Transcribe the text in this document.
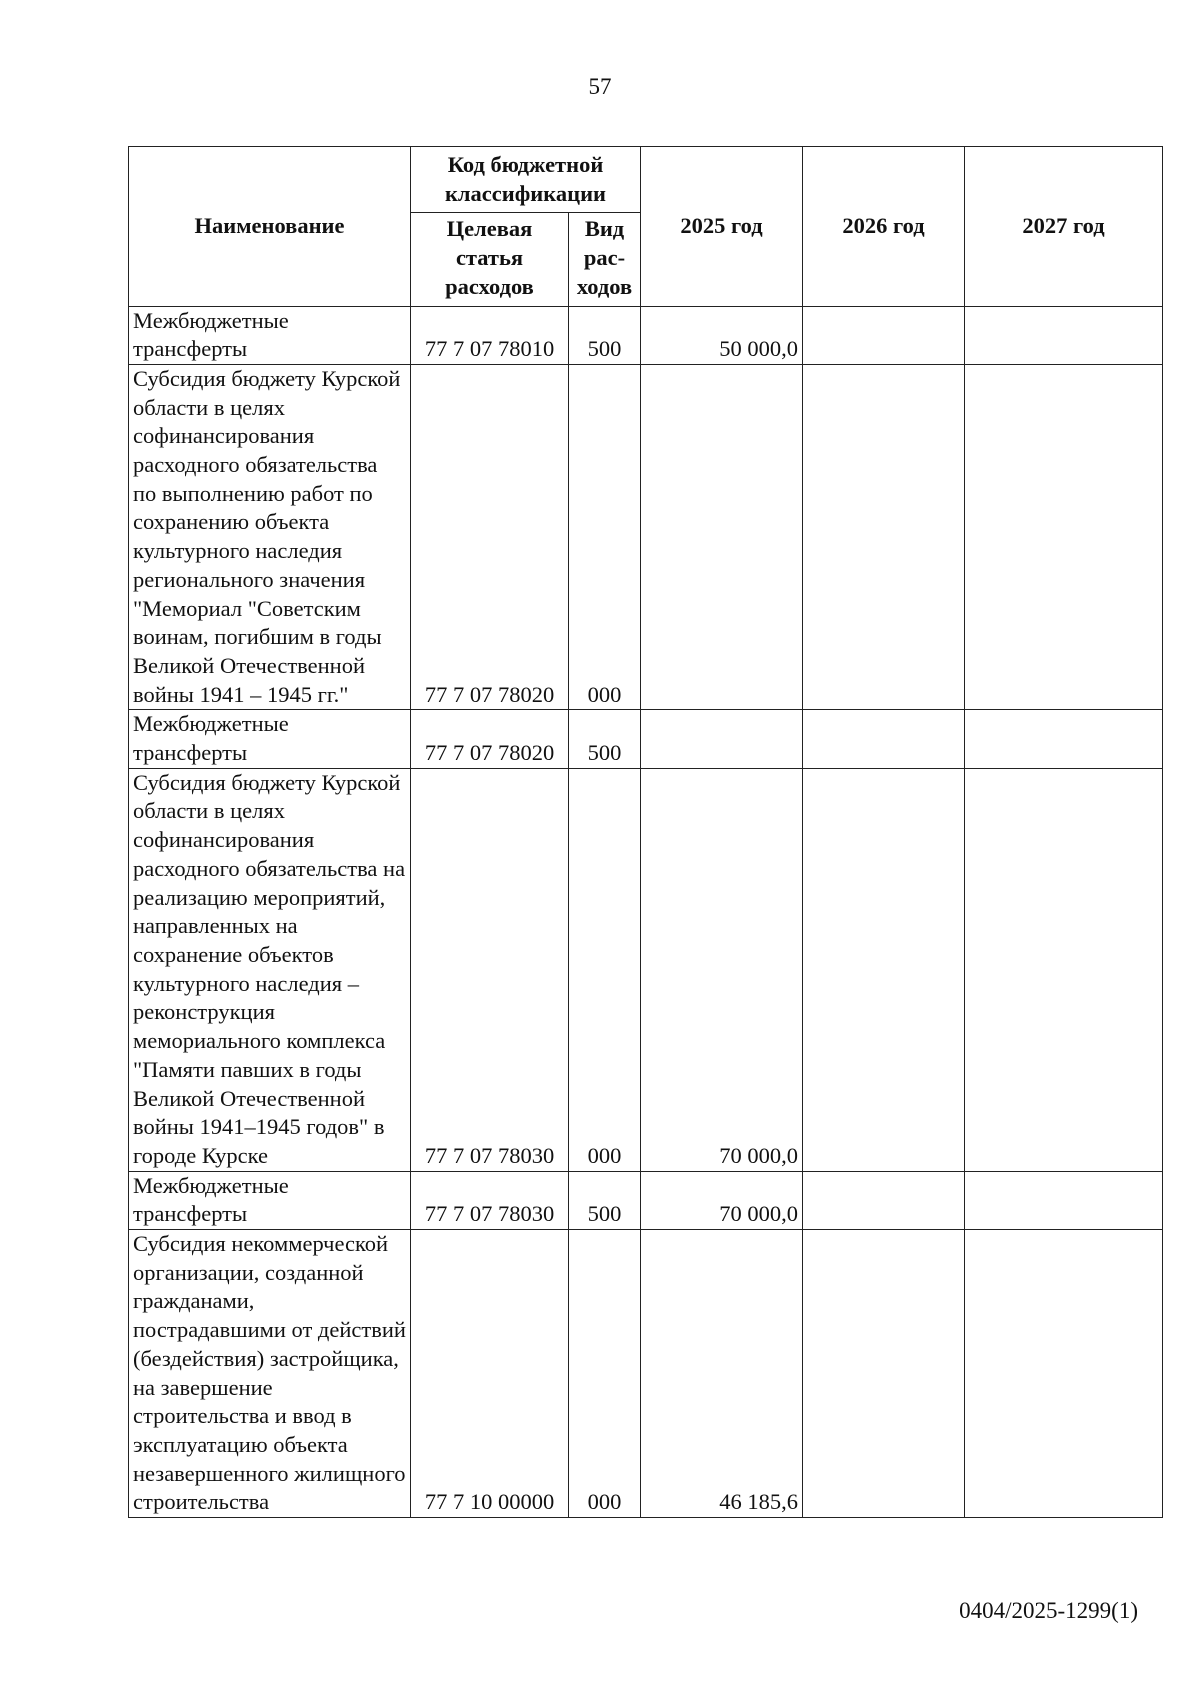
57
Наименование	Код бюджетной классификации		2025 год	2026 год	2027 год
	Целевая статья расходов	Вид рас-ходов			
Межбюджетные трансферты	77 7 07 78010	500	50 000,0		
Субсидия бюджету Курской области в целях софинансирования расходного обязательства по выполнению работ по сохранению объекта культурного наследия регионального значения "Мемориал "Советским воинам, погибшим в годы Великой Отечественной войны 1941 – 1945 гг."	77 7 07 78020	000			
Межбюджетные трансферты	77 7 07 78020	500			
Субсидия бюджету Курской области в целях софинансирования расходного обязательства на реализацию мероприятий, направленных на сохранение объектов культурного наследия – реконструкция мемориального комплекса "Памяти павших в годы Великой Отечественной войны 1941–1945 годов" в городе Курске	77 7 07 78030	000	70 000,0		
Межбюджетные трансферты	77 7 07 78030	500	70 000,0		
Субсидия некоммерческой организации, созданной гражданами, пострадавшими от действий (бездействия) застройщика, на завершение строительства и ввод в эксплуатацию объекта незавершенного жилищного строительства	77 7 10 00000	000	46 185,6		
0404/2025-1299(1)
